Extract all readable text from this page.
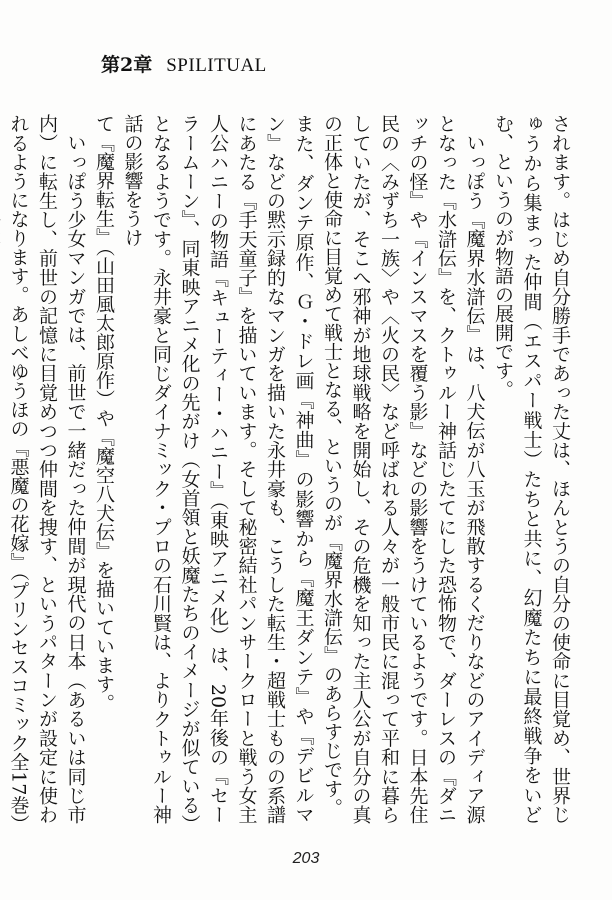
第2章 SPILITUAL

されます。はじめ自分勝手であった丈は、ほんとうの自分の使命に目覚め、世界じゅうから集まった仲間（エスパー戦士）たちと共に、幻魔たちに最終戦争をいどむ、というのが物語の展開です。

いっぽう『魔界水滸伝』は、八犬伝が八玉が飛散するくだりなどのアイディア源となった『水滸伝』を、クトゥルー神話じたてにした恐怖物で、ダーレスの『ダニッチの怪』や『インスマスを覆う影』などの影響をうけているようです。日本先住民の〈みずち一族〉や〈火の民〉など呼ばれる人々が一般市民に混って平和に暮らしていたが、そこへ邪神が地球戦略を開始し、その危機を知った主人公が自分の真の正体と使命に目覚めて戦士となる、というのが『魔界水滸伝』のあらすじです。

また、ダンテ原作、Ｇ・ドレ画『神曲』の影響から『魔王ダンテ』や『デビルマン』などの黙示録的なマンガを描いた永井豪も、こうした転生・超戦士ものの系譜にあたる『手天童子』を描いています。そして秘密結社パンサークローと戦う女主人公ハニーの物語『キューティー・ハニー』（東映アニメ化）は、20年後の『セーラームーン』、同東映アニメ化の先がけ（女首領と妖魔たちのイメージが似ている）となるようです。永井豪と同じダイナミック・プロの石川賢は、よりクトゥルー神話の影響をうけ

て『魔界転生』（山田風太郎原作）や『魔空八犬伝』を描いています。

いっぽう少女マンガでは、前世で一緒だった仲間が現代の日本（あるいは同じ市内）に転生し、前世の記憶に目覚めつつ仲間を捜す、というパターンが設定に使われるようになります。あしべゆうほの『悪魔の花嫁』（プリンセスコミック全17巻）

203
